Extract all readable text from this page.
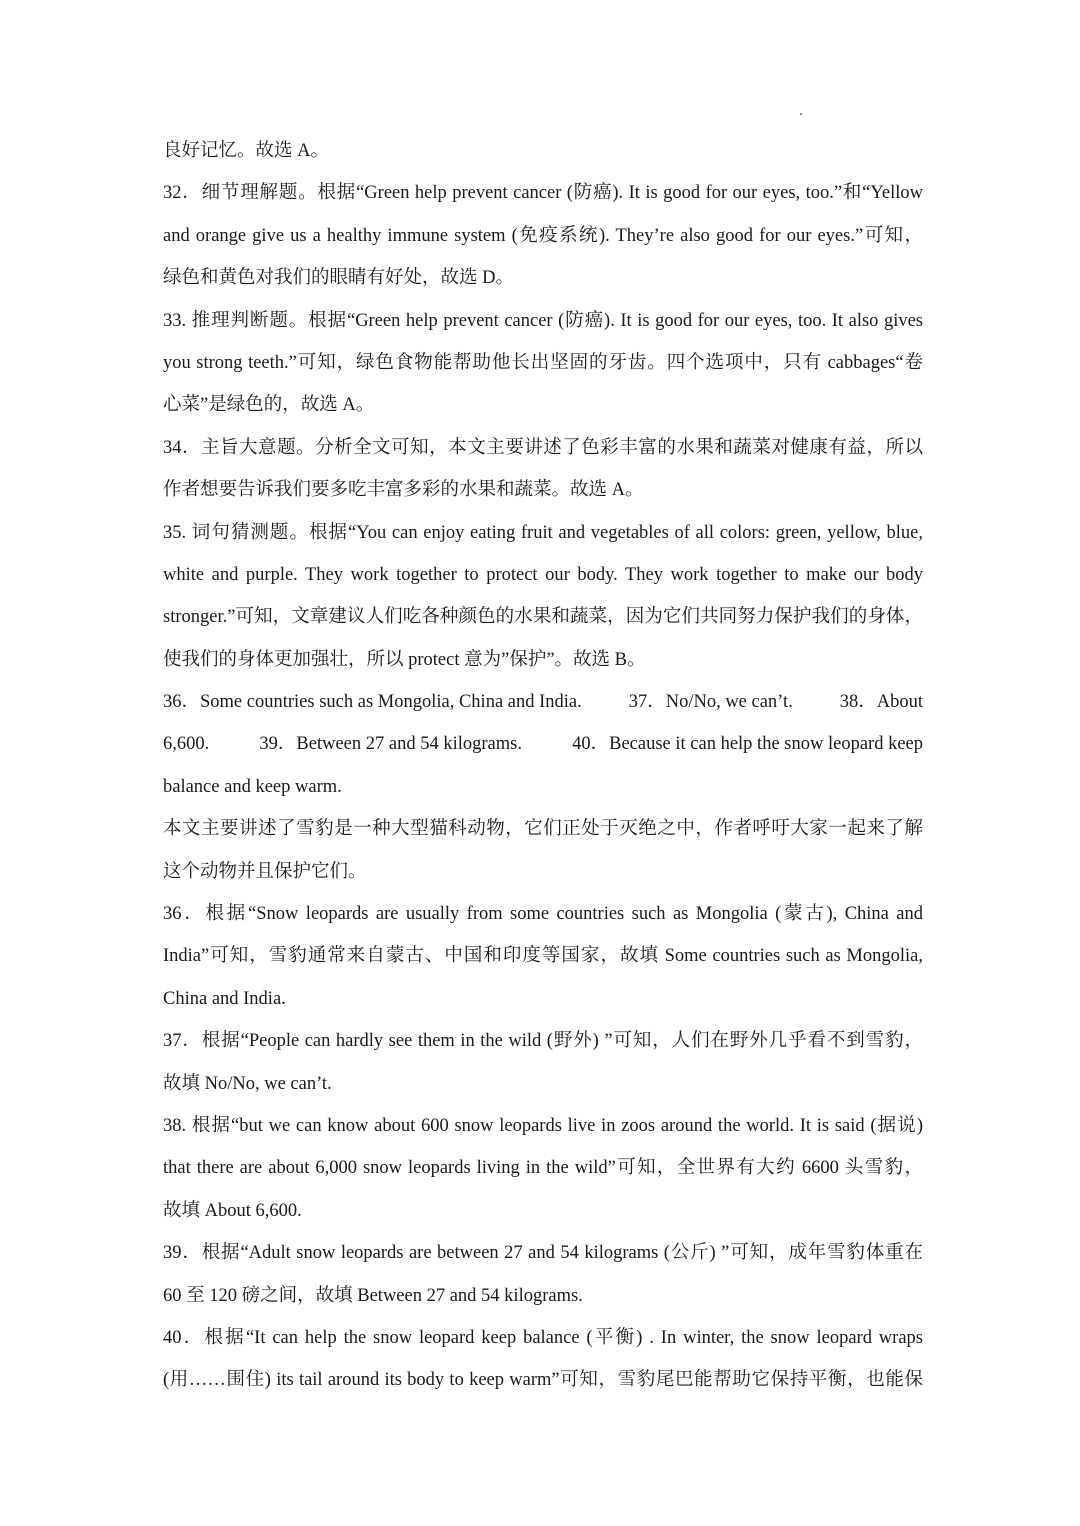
良好记忆。故选 A。
32．细节理解题。根据“Green help prevent cancer (防癌). It is good for our eyes, too.”和“Yellow
and orange give us a healthy immune system (免疫系统). They’re also good for our eyes.”可知，
绿色和黄色对我们的眼睛有好处，故选 D。
33. 推理判断题。根据“Green help prevent cancer (防癌). It is good for our eyes, too. It also gives
you strong teeth.”可知，绿色食物能帮助他长出坚固的牙齿。四个选项中，只有 cabbages“卷
心菜”是绿色的，故选 A。
34．主旨大意题。分析全文可知，本文主要讲述了色彩丰富的水果和蔬菜对健康有益，所以
作者想要告诉我们要多吃丰富多彩的水果和蔬菜。故选 A。
35. 词句猜测题。根据“You can enjoy eating fruit and vegetables of all colors: green, yellow, blue,
white and purple. They work together to protect our body. They work together to make our body
stronger.”可知，文章建议人们吃各种颜色的水果和蔬菜，因为它们共同努力保护我们的身体，
使我们的身体更加强壮，所以 protect 意为”保护”。故选 B。
36．Some countries such as Mongolia, China and India.	37．No/No, we can’t.	38．About
6,600.	39．Between 27 and 54 kilograms.	40．Because it can help the snow leopard keep
balance and keep warm.
本文主要讲述了雪豹是一种大型猫科动物，它们正处于灭绝之中，作者呼吁大家一起来了解
这个动物并且保护它们。
36．根据“Snow leopards are usually from some countries such as Mongolia (蒙古), China and
India”可知，雪豹通常来自蒙古、中国和印度等国家，故填 Some countries such as Mongolia,
China and India.
37．根据“People can hardly see them in the wild (野外) ”可知，人们在野外几乎看不到雪豹，
故填 No/No, we can’t.
38. 根据“but we can know about 600 snow leopards live in zoos around the world. It is said (据说)
that there are about 6,000 snow leopards living in the wild”可知，全世界有大约 6600 头雪豹，
故填 About 6,600.
39．根据“Adult snow leopards are between 27 and 54 kilograms (公斤) ”可知，成年雪豹体重在
60 至 120 磅之间，故填 Between 27 and 54 kilograms.
40．根据“It can help the snow leopard keep balance (平衡) . In winter, the snow leopard wraps
(用……围住) its tail around its body to keep warm”可知，雪豹尾巴能帮助它保持平衡，也能保
